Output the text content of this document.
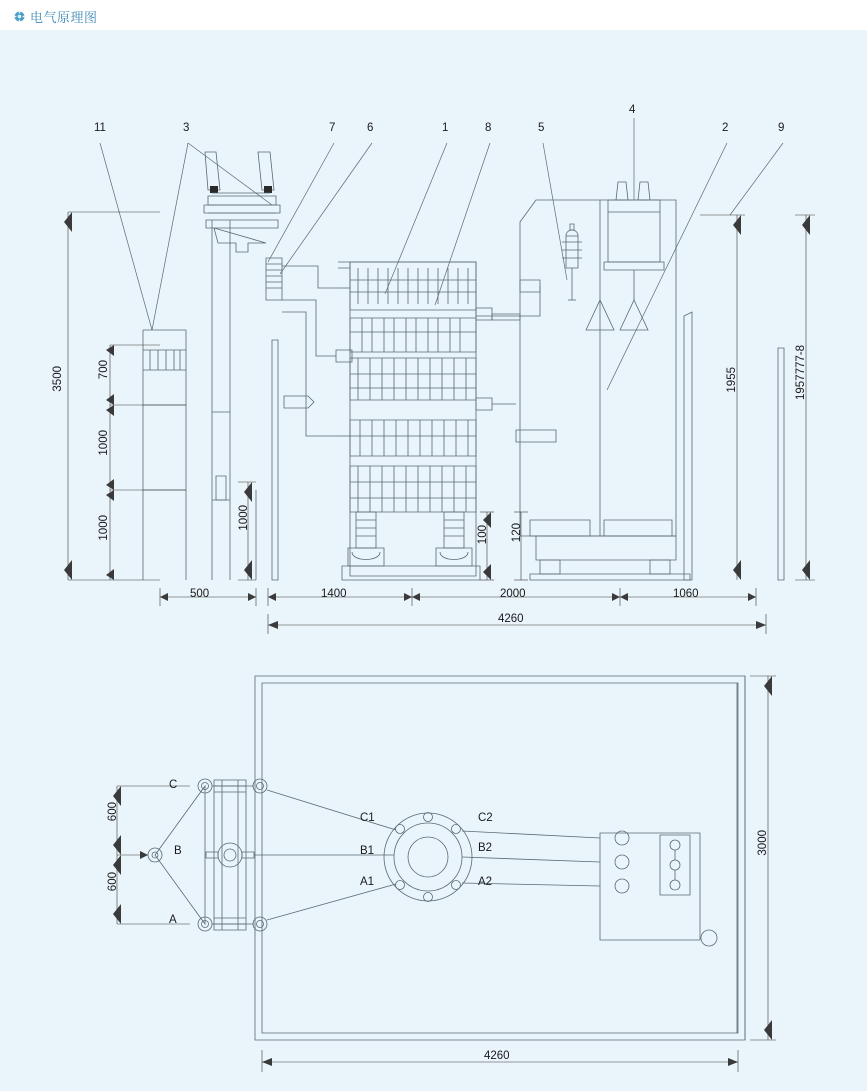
电气原理图
11	3	7	6	1	8	5
4
2	9
3500	700
1000
1000	1000
100 120
1955	1957777-8
500	1400	2000	1060
4260
C
B
A
C1
B1
A1
C2
B2
A2
600
600
3000
4260
